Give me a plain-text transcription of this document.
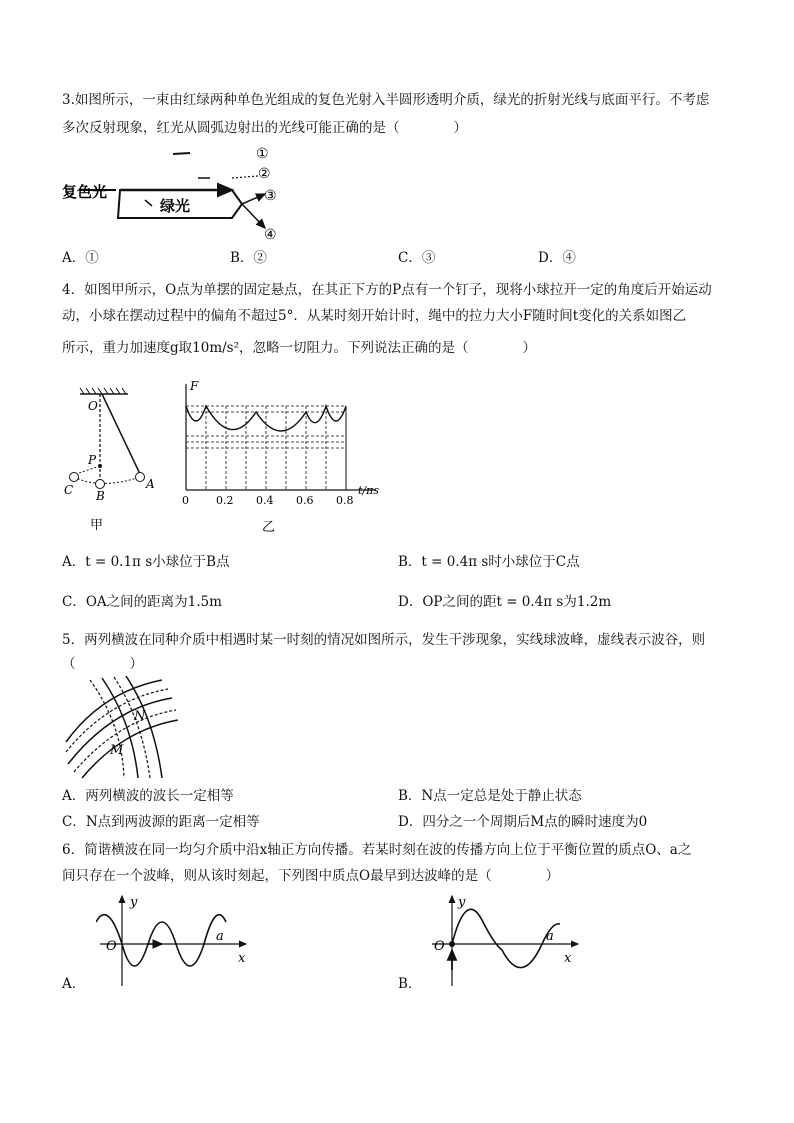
3.如图所示，一束由红绿两种单色光组成的复色光射入半圆形透明介质，绿光的折射光线与底面平行。不考虑
多次反射现象，红光从圆弧边射出的光线可能正确的是（　　　　）
复色光
绿光
①
②
③
④
A．①	B．②	C．③	D．④
4．如图甲所示，O点为单摆的固定悬点，在其正下方的P点有一个钉子，现将小球拉开一定的角度后开始运动
动，小球在摆动过程中的偏角不超过5°．从某时刻开始计时，绳中的拉力大小F随时间t变化的关系如图乙
所示，重力加速度g取10m/s²，忽略一切阻力。下列说法正确的是（　　　　）
O
P
C B
A
甲
F
t/πs
0 0.2 0.4 0.6 0.8
乙
A．t = 0.1π s小球位于B点	B．t = 0.4π s时小球位于C点
C．OA之间的距离为1.5m	D．OP之间的距t = 0.4π s为1.2m
5．两列横波在同种介质中相遇时某一时刻的情况如图所示，发生干涉现象，实线球波峰，虚线表示波谷，则
（　　　　）
N
M
A．两列横波的波长一定相等	B．N点一定总是处于静止状态
C．N点到两波源的距离一定相等	D．四分之一个周期后M点的瞬时速度为0
6．简谐横波在同一均匀介质中沿x轴正方向传播。若某时刻在波的传播方向上位于平衡位置的质点O、a之
间只存在一个波峰，则从该时刻起，下列图中质点O最早到达波峰的是（　　　　）
y
x
O
a
A．
y
x
O
a
B．
